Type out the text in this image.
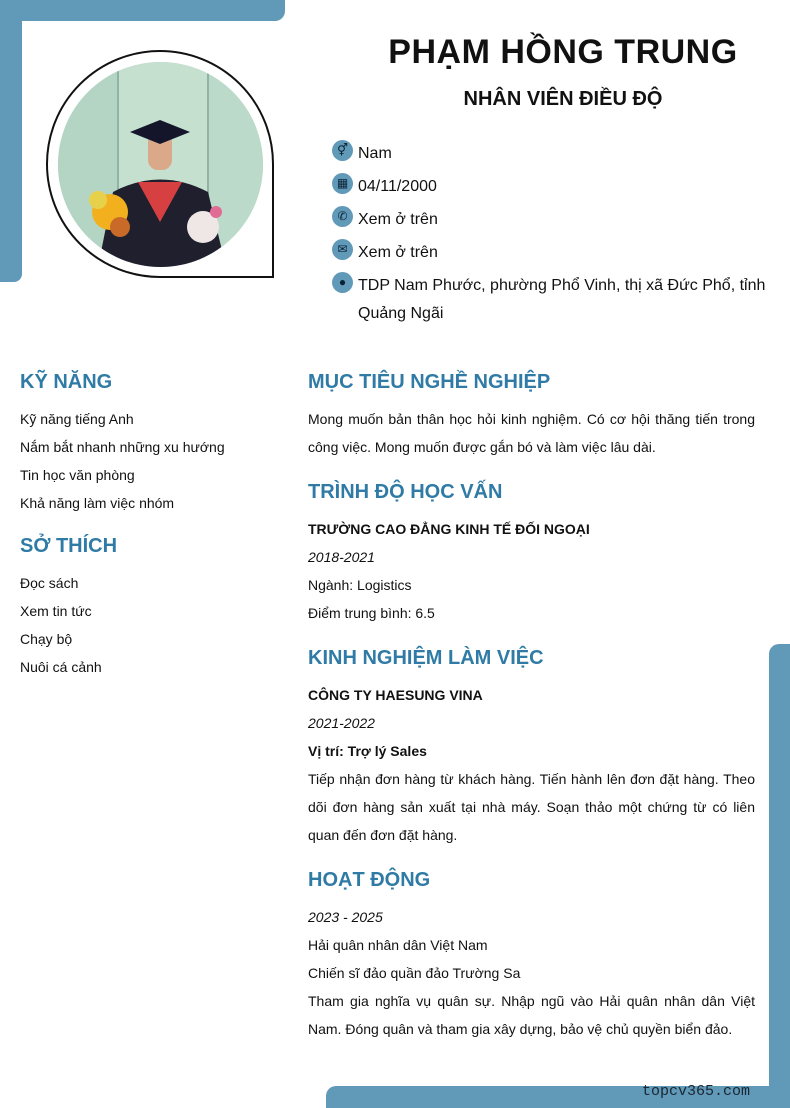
PHẠM HỒNG TRUNG
NHÂN VIÊN ĐIỀU ĐỘ
⚥ Nam
▦ 04/11/2000
✆ Xem ở trên
✉ Xem ở trên
● TDP Nam Phước, phường Phổ Vinh, thị xã Đức Phổ, tỉnh Quảng Ngãi
KỸ NĂNG
Kỹ năng tiếng Anh
Nắm bắt nhanh những xu hướng
Tin học văn phòng
Khả năng làm việc nhóm
SỞ THÍCH
Đọc sách
Xem tin tức
Chạy bộ
Nuôi cá cảnh
MỤC TIÊU NGHỀ NGHIỆP
Mong muốn bản thân học hỏi kinh nghiệm. Có cơ hội thăng tiến trong công việc. Mong muốn được gắn bó và làm việc lâu dài.
TRÌNH ĐỘ HỌC VẤN
TRƯỜNG CAO ĐẲNG KINH TẾ ĐỐI NGOẠI
2018-2021
Ngành: Logistics
Điểm trung bình: 6.5
KINH NGHIỆM LÀM VIỆC
CÔNG TY HAESUNG VINA
2021-2022
Vị trí: Trợ lý Sales
Tiếp nhận đơn hàng từ khách hàng. Tiến hành lên đơn đặt hàng. Theo dõi đơn hàng sản xuất tại nhà máy. Soạn thảo một chứng từ có liên quan đến đơn đặt hàng.
HOẠT ĐỘNG
2023 - 2025
Hải quân nhân dân Việt Nam
Chiến sĩ đảo quần đảo Trường Sa
Tham gia nghĩa vụ quân sự. Nhập ngũ vào Hải quân nhân dân Việt Nam. Đóng quân và tham gia xây dựng, bảo vệ chủ quyền biển đảo.
topcv365.com
